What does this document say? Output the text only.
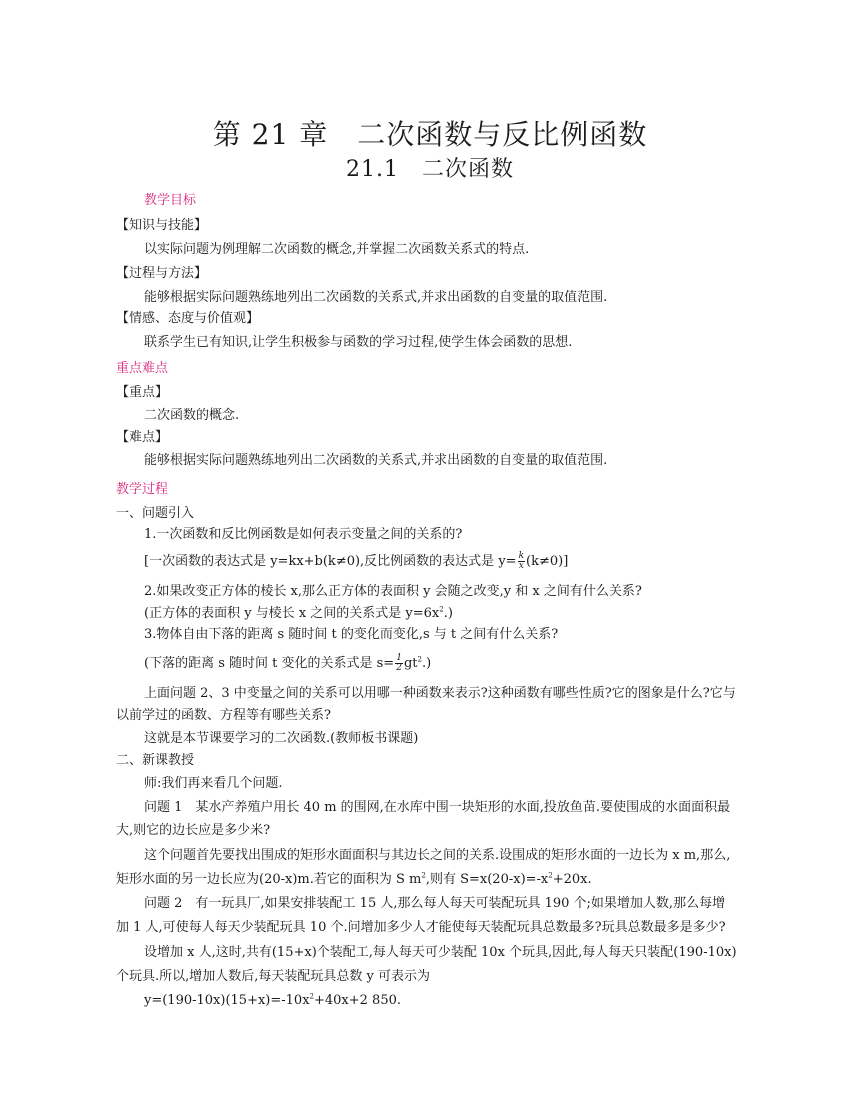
第 21 章　二次函数与反比例函数
21.1　二次函数
教学目标
【知识与技能】
以实际问题为例理解二次函数的概念,并掌握二次函数关系式的特点.
【过程与方法】
能够根据实际问题熟练地列出二次函数的关系式,并求出函数的自变量的取值范围.
【情感、态度与价值观】
联系学生已有知识,让学生积极参与函数的学习过程,使学生体会函数的思想.
重点难点
【重点】
二次函数的概念.
【难点】
能够根据实际问题熟练地列出二次函数的关系式,并求出函数的自变量的取值范围.
教学过程
一、问题引入
1.一次函数和反比例函数是如何表示变量之间的关系的?
[一次函数的表达式是 y=kx+b(k≠0),反比例函数的表达式是 $y= \frac{k}{x} (k\ne 0)$]
2.如果改变正方体的棱长 x,那么正方体的表面积 y 会随之改变,y 和 x 之间有什么关系?
(正方体的表面积 y 与棱长 x 之间的关系式是 $y=6x^2$.)
3.物体自由下落的距离 s 随时间 t 的变化而变化,s 与 t 之间有什么关系?
(下落的距离 s 随时间 t 变化的关系式是 $s= \frac{1}{2} gt^2$.)
上面问题 2、3 中变量之间的关系可以用哪一种函数来表示?这种函数有哪些性质?它的图象是什么?它与
以前学过的函数、方程等有哪些关系?
这就是本节课要学习的二次函数.(教师板书课题)
二、新课教授
师:我们再来看几个问题.
问题 1　某水产养殖户用长 40 m 的围网,在水库中围一块矩形的水面,投放鱼苗.要使围成的水面面积最
大,则它的边长应是多少米?
这个问题首先要找出围成的矩形水面面积与其边长之间的关系.设围成的矩形水面的一边长为 x m,那么,
矩形水面的另一边长应为(20-x)m.若它的面积为 S $m^2$,则有 $S=x(20-x)=-x^2+20x$.
问题 2　有一玩具厂,如果安排装配工 15 人,那么每人每天可装配玩具 190 个;如果增加人数,那么每增
加 1 人,可使每人每天少装配玩具 10 个.问增加多少人才能使每天装配玩具总数最多?玩具总数最多是多少?
设增加 x 人,这时,共有(15+x)个装配工,每人每天可少装配 10x 个玩具,因此,每人每天只装配(190-10x)
个玩具.所以,增加人数后,每天装配玩具总数 y 可表示为
$y=(190-10x)(15+x)=-10x^2+40x+2$ 850.
